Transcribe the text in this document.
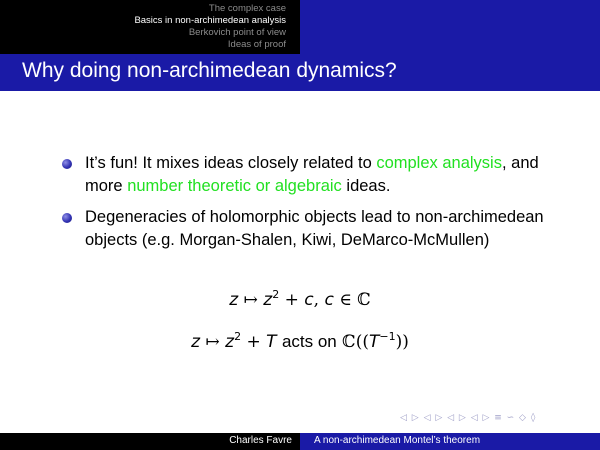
The complex case
Basics in non-archimedean analysis
Berkovich point of view
Ideas of proof
Why doing non-archimedean dynamics?
It’s fun! It mixes ideas closely related to complex analysis, and more number theoretic or algebraic ideas.
Degeneracies of holomorphic objects lead to non-archimedean objects (e.g. Morgan-Shalen, Kiwi, DeMarco-McMullen)
z ↦ $z^2 + c$, c ∈ ℂ
z ↦ $z^2 + T$ acts on $ℂ((T^{-1}))$
◁ ▷ ◁ ▷ ◁ ▷ ◁ ▷ ≡ ∽ ◇ ◊
Charles Favre A non-archimedean Montel’s theorem
